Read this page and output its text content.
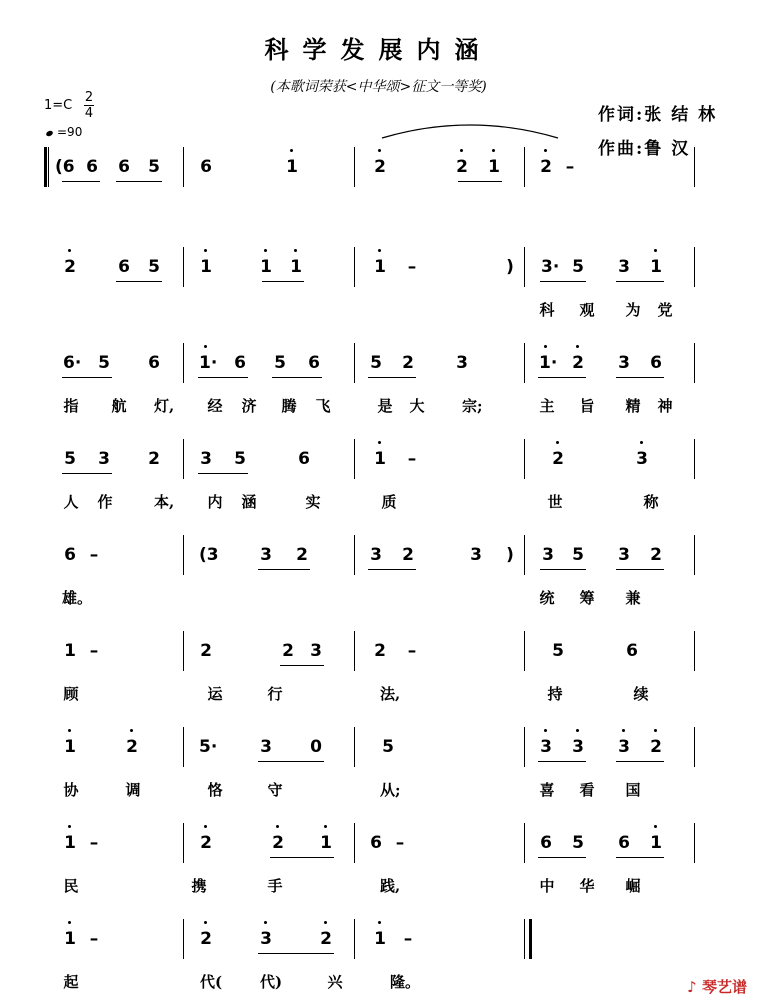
科学发展内涵
(本歌词荣获<中华颂>征文一等奖)
作词:张 结 林
作曲:鲁 汉
1=C
2
4
=90
(6 6 6 5 6	1	2	2 1 2 –
2 6 5 1	1 1	1 –	) 3· 5 3 1
科 观 为 党
6· 5 6 1· 6 5 6	5 2 3	1· 2 3 6
指 航 灯, 经 济 腾 飞	是 大	宗;	主 旨 精 神
5 3 2 3 5	6	1 –	2	3
人 作	本, 内 涵	实	质	世	称
6 –	(3 3 2	3 2	3 ) 3 5 3 2
雄。	统 筹 兼
1 –	2	2 3	2 –	5	6
顾	运	行	法,	持	续
1	2	5·	3 0	5	3 3 3 2
协	调	恪	守	从;	喜 看 国
1 –	2	2 1 6 –	6 5 6 1
民	携	手	践,	中 华 崛
1 –	2	3	2 1 –
起	代(	代)	兴	隆。	♪ 琴艺谱
